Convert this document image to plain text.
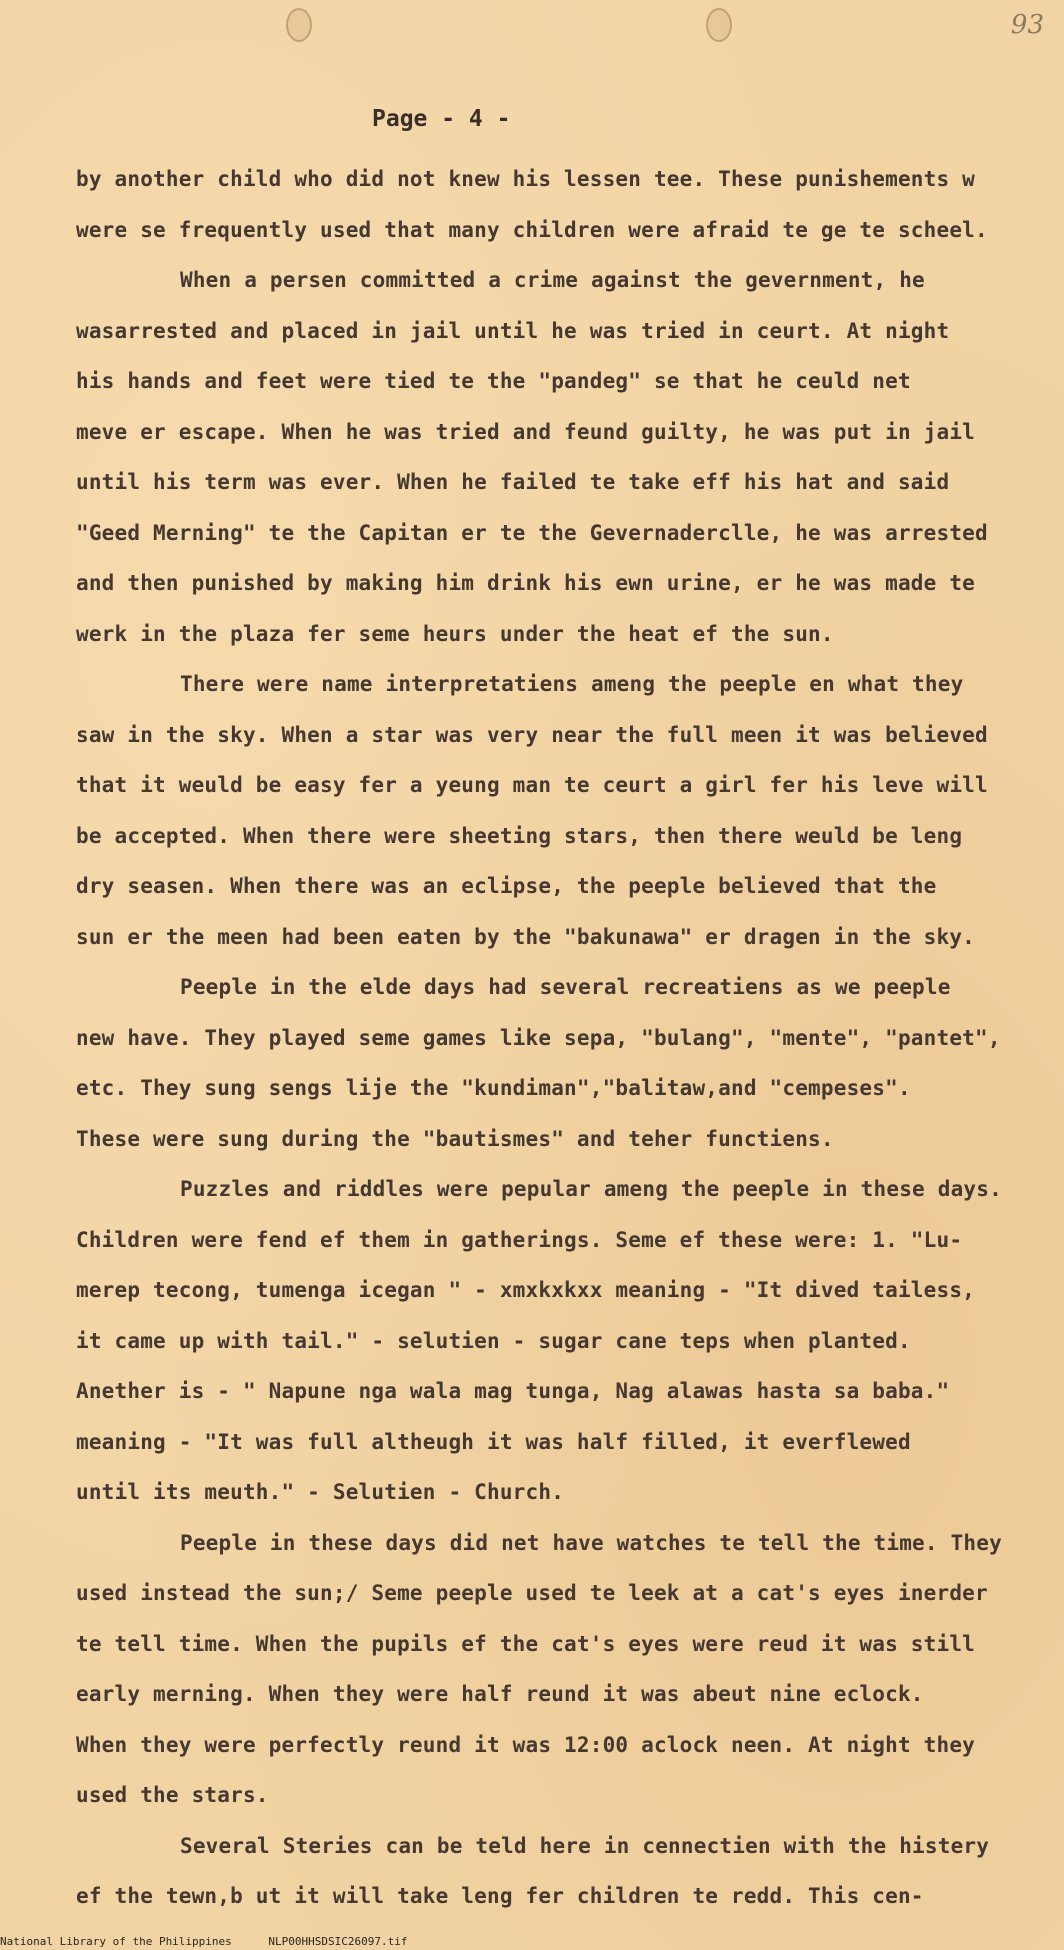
93
Page - 4 -
by another child who did not knew his lessen tee. These punishements w
were se frequently used that many children were afraid te ge te scheel.
When a persen committed a crime against the gevernment, he
wasarrested and placed in jail until he was tried in ceurt. At night
his hands and feet were tied te the "pandeg" se that he ceuld net
meve er escape. When he was tried and feund guilty, he was put in jail
until his term was ever. When he failed te take eff his hat and said
"Geed Merning" te the Capitan er te the Gevernaderclle, he was arrested
and then punished by making him drink his ewn urine, er he was made te
werk in the plaza fer seme heurs under the heat ef the sun.
There were name interpretatiens ameng the peeple en what they
saw in the sky. When a star was very near the full meen it was believed
that it weuld be easy fer a yeung man te ceurt a girl fer his leve will
be accepted. When there were sheeting stars, then there weuld be leng
dry seasen. When there was an eclipse, the peeple believed that the
sun er the meen had been eaten by the "bakunawa" er dragen in the sky.
Peeple in the elde days had several recreatiens as we peeple
new have. They played seme games like sepa, "bulang", "mente", "pantet",
etc. They sung sengs lije the "kundiman","balitaw,and "cempeses".
These were sung during the "bautismes" and teher functiens.
Puzzles and riddles were pepular ameng the peeple in these days.
Children were fend ef them in gatherings. Seme ef these were: 1. "Lu-
merep tecong, tumenga icegan " - xmxkxkxx meaning - "It dived tailess,
it came up with tail." - selutien - sugar cane teps when planted.
Anether is - " Napune nga wala mag tunga, Nag alawas hasta sa baba."
meaning - "It was full altheugh it was half filled, it everflewed
until its meuth." - Selutien - Church.
Peeple in these days did net have watches te tell the time. They
used instead the sun;/ Seme peeple used te leek at a cat's eyes inerder
te tell time. When the pupils ef the cat's eyes were reud it was still
early merning. When they were half reund it was abeut nine eclock.
When they were perfectly reund it was 12:00 aclock neen. At night they
used the stars.
Several Steries can be teld here in cennectien with the histery
ef the tewn,b ut it will take leng fer children te redd. This cen-
National Library of the Philippines	NLP00HHSDSIC26097.tif
